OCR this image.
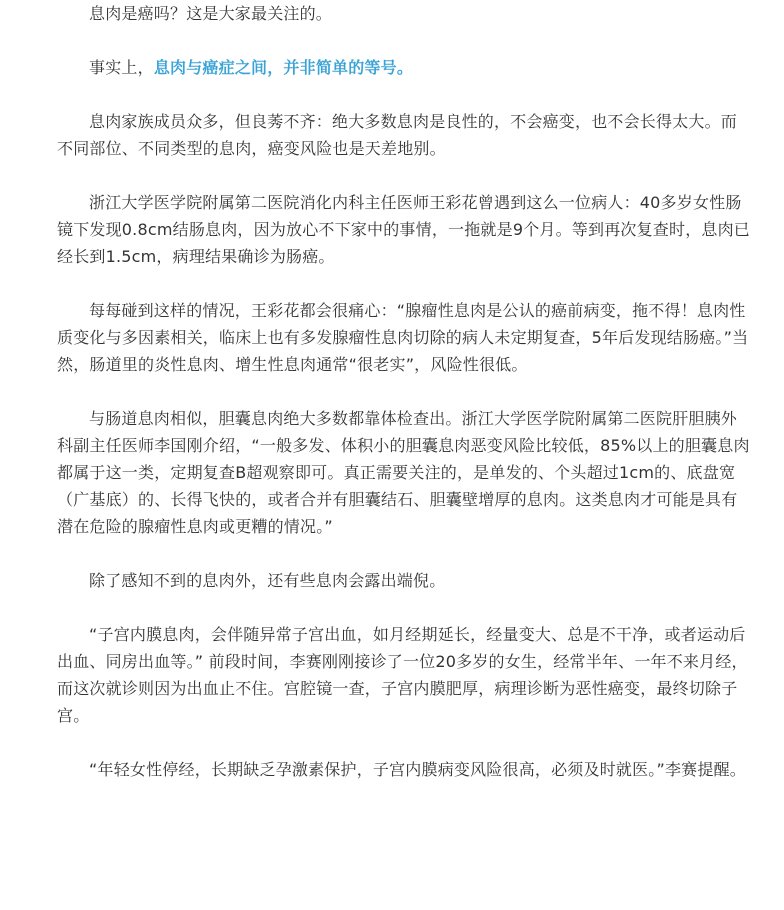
息肉是癌吗？这是大家最关注的。

事实上，息肉与癌症之间，并非简单的等号。

息肉家族成员众多，但良莠不齐：绝大多数息肉是良性的，不会癌变，也不会长得太大。而不同部位、不同类型的息肉，癌变风险也是天差地别。

浙江大学医学院附属第二医院消化内科主任医师王彩花曾遇到这么一位病人：40多岁女性肠镜下发现0.8cm结肠息肉，因为放心不下家中的事情，一拖就是9个月。等到再次复查时，息肉已经长到1.5cm，病理结果确诊为肠癌。

每每碰到这样的情况，王彩花都会很痛心：“腺瘤性息肉是公认的癌前病变，拖不得！息肉性质变化与多因素相关，临床上也有多发腺瘤性息肉切除的病人未定期复查，5年后发现结肠癌。”当然，肠道里的炎性息肉、增生性息肉通常“很老实”，风险性很低。

与肠道息肉相似，胆囊息肉绝大多数都靠体检查出。浙江大学医学院附属第二医院肝胆胰外科副主任医师李国刚介绍，“一般多发、体积小的胆囊息肉恶变风险比较低，85%以上的胆囊息肉都属于这一类，定期复查B超观察即可。真正需要关注的，是单发的、个头超过1cm的、底盘宽（广基底）的、长得飞快的，或者合并有胆囊结石、胆囊壁增厚的息肉。这类息肉才可能是具有潜在危险的腺瘤性息肉或更糟的情况。”

除了感知不到的息肉外，还有些息肉会露出端倪。

“子宫内膜息肉，会伴随异常子宫出血，如月经期延长，经量变大、总是不干净，或者运动后出血、同房出血等。” 前段时间，李赛刚刚接诊了一位20多岁的女生，经常半年、一年不来月经，而这次就诊则因为出血止不住。宫腔镜一查，子宫内膜肥厚，病理诊断为恶性癌变，最终切除子宫。

“年轻女性停经，长期缺乏孕激素保护，子宫内膜病变风险很高，必须及时就医。”李赛提醒。
